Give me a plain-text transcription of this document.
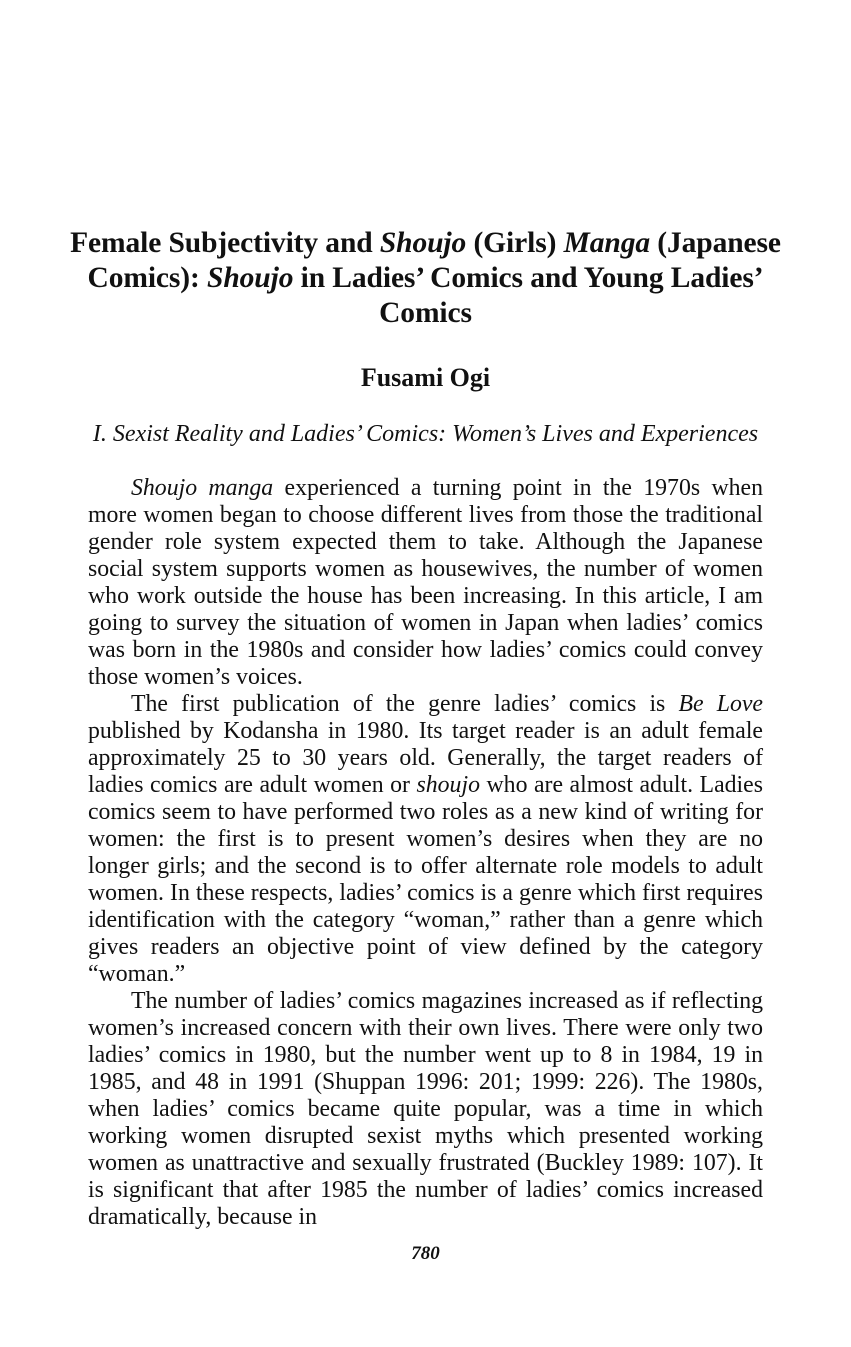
Female Subjectivity and Shoujo (Girls) Manga (Japanese Comics): Shoujo in Ladies’ Comics and Young Ladies’ Comics
Fusami Ogi
I. Sexist Reality and Ladies’ Comics: Women’s Lives and Experiences

Shoujo manga experienced a turning point in the 1970s when more women began to choose different lives from those the traditional gender role system expected them to take. Although the Japanese social system supports women as housewives, the number of women who work outside the house has been increasing. In this article, I am going to survey the situation of women in Japan when ladies’ comics was born in the 1980s and consider how ladies’ comics could convey those women’s voices.

The first publication of the genre ladies’ comics is Be Love published by Kodansha in 1980. Its target reader is an adult female approximately 25 to 30 years old. Generally, the target readers of ladies comics are adult women or shoujo who are almost adult. Ladies comics seem to have performed two roles as a new kind of writing for women: the first is to present women’s desires when they are no longer girls; and the second is to offer alternate role models to adult women. In these respects, ladies’ comics is a genre which first requires identification with the category “woman,” rather than a genre which gives readers an objective point of view defined by the category “woman.”

The number of ladies’ comics magazines increased as if reflecting women’s increased concern with their own lives. There were only two ladies’ comics in 1980, but the number went up to 8 in 1984, 19 in 1985, and 48 in 1991 (Shuppan 1996: 201; 1999: 226). The 1980s, when ladies’ comics became quite popular, was a time in which working women disrupted sexist myths which presented working women as unattractive and sexually frustrated (Buckley 1989: 107). It is significant that after 1985 the number of ladies’ comics increased dramatically, because in

780
